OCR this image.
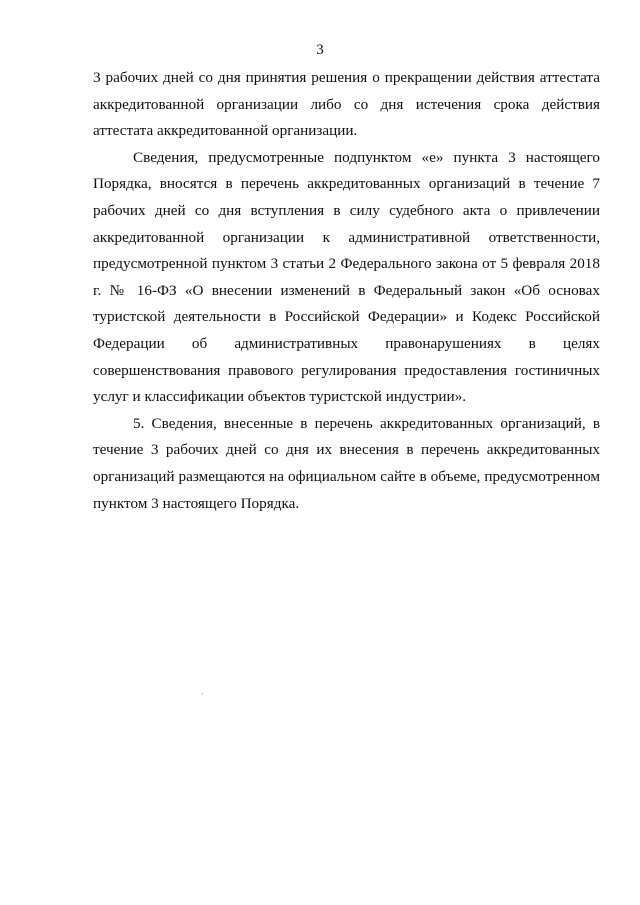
3

3 рабочих дней со дня принятия решения о прекращении действия аттестата аккредитованной организации либо со дня истечения срока действия аттестата аккредитованной организации.

Сведения, предусмотренные подпунктом «е» пункта 3 настоящего Порядка, вносятся в перечень аккредитованных организаций в течение 7 рабочих дней со дня вступления в силу судебного акта о привлечении аккредитованной организации к административной ответственности, предусмотренной пунктом 3 статьи 2 Федерального закона от 5 февраля 2018 г. № 16-ФЗ «О внесении изменений в Федеральный закон «Об основах туристской деятельности в Российской Федерации» и Кодекс Российской Федерации об административных правонарушениях в целях совершенствования правового регулирования предоставления гостиничных услуг и классификации объектов туристской индустрии».

5. Сведения, внесенные в перечень аккредитованных организаций, в течение 3 рабочих дней со дня их внесения в перечень аккредитованных организаций размещаются на официальном сайте в объеме, предусмотренном пунктом 3 настоящего Порядка.
